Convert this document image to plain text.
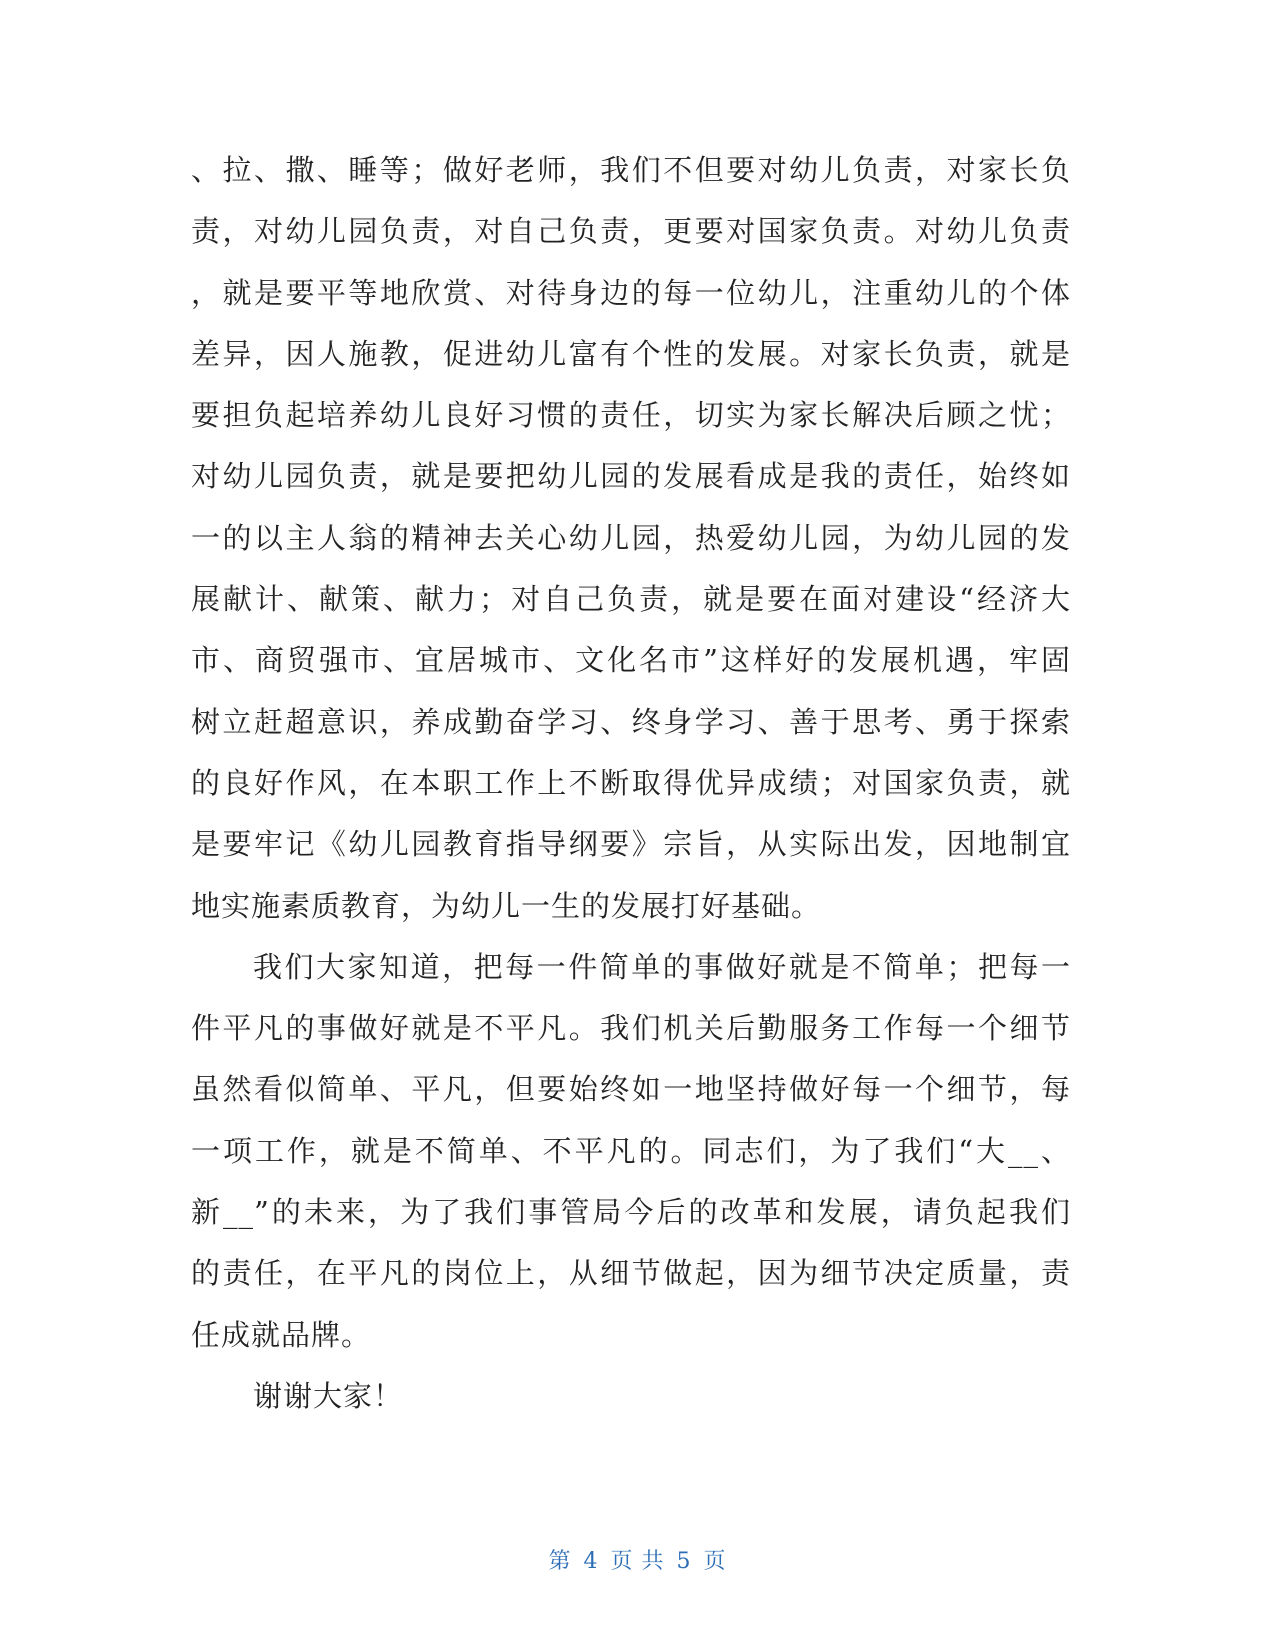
、拉、撒、睡等；做好老师，我们不但要对幼儿负责，对家长负
责，对幼儿园负责，对自己负责，更要对国家负责。对幼儿负责
，就是要平等地欣赏、对待身边的每一位幼儿，注重幼儿的个体
差异，因人施教，促进幼儿富有个性的发展。对家长负责，就是
要担负起培养幼儿良好习惯的责任，切实为家长解决后顾之忧；
对幼儿园负责，就是要把幼儿园的发展看成是我的责任，始终如
一的以主人翁的精神去关心幼儿园，热爱幼儿园，为幼儿园的发
展献计、献策、献力；对自己负责，就是要在面对建设“经济大
市、商贸强市、宜居城市、文化名市”这样好的发展机遇，牢固
树立赶超意识，养成勤奋学习、终身学习、善于思考、勇于探索
的良好作风，在本职工作上不断取得优异成绩；对国家负责，就
是要牢记《幼儿园教育指导纲要》宗旨，从实际出发，因地制宜
地实施素质教育，为幼儿一生的发展打好基础。
我们大家知道，把每一件简单的事做好就是不简单；把每一
件平凡的事做好就是不平凡。我们机关后勤服务工作每一个细节
虽然看似简单、平凡，但要始终如一地坚持做好每一个细节，每
一项工作，就是不简单、不平凡的。同志们，为了我们“大__、
新__”的未来，为了我们事管局今后的改革和发展，请负起我们
的责任，在平凡的岗位上，从细节做起，因为细节决定质量，责
任成就品牌。
谢谢大家！
第 4 页 共 5 页
